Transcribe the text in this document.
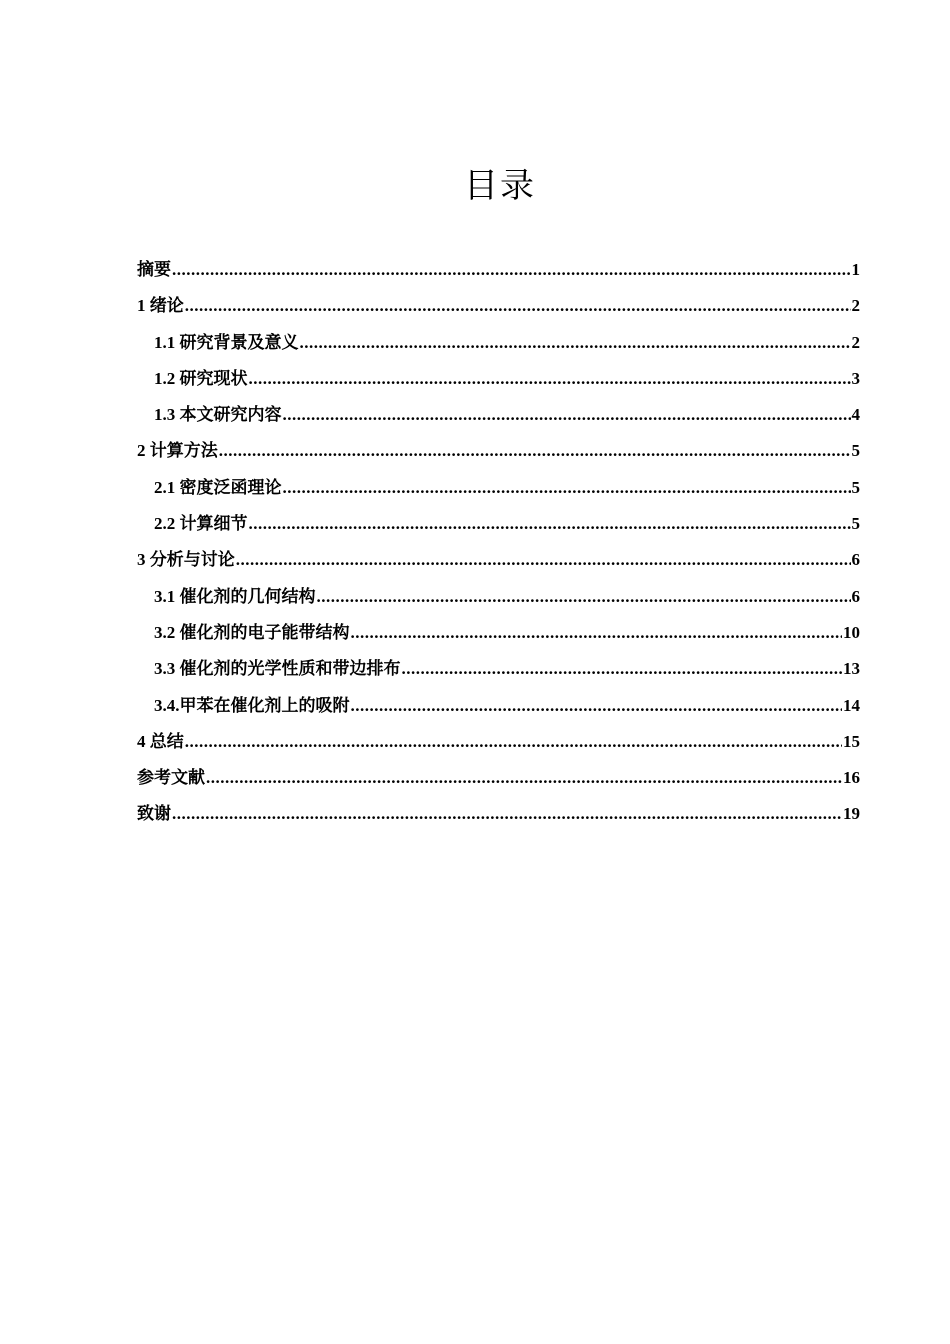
目录
摘要 .....	1
1 绪论 .....	2
1.1 研究背景及意义 .....	2
1.2 研究现状 .....	3
1.3 本文研究内容 .....	4
2 计算方法 .....	5
2.1 密度泛函理论 .....	5
2.2 计算细节 .....	5
3 分析与讨论 .....	6
3.1 催化剂的几何结构 .....	6
3.2 催化剂的电子能带结构 .....	10
3.3 催化剂的光学性质和带边排布 .....	13
3.4.甲苯在催化剂上的吸附 .....	14
4 总结 .....	15
参考文献 .....	16
致谢 .....	19
